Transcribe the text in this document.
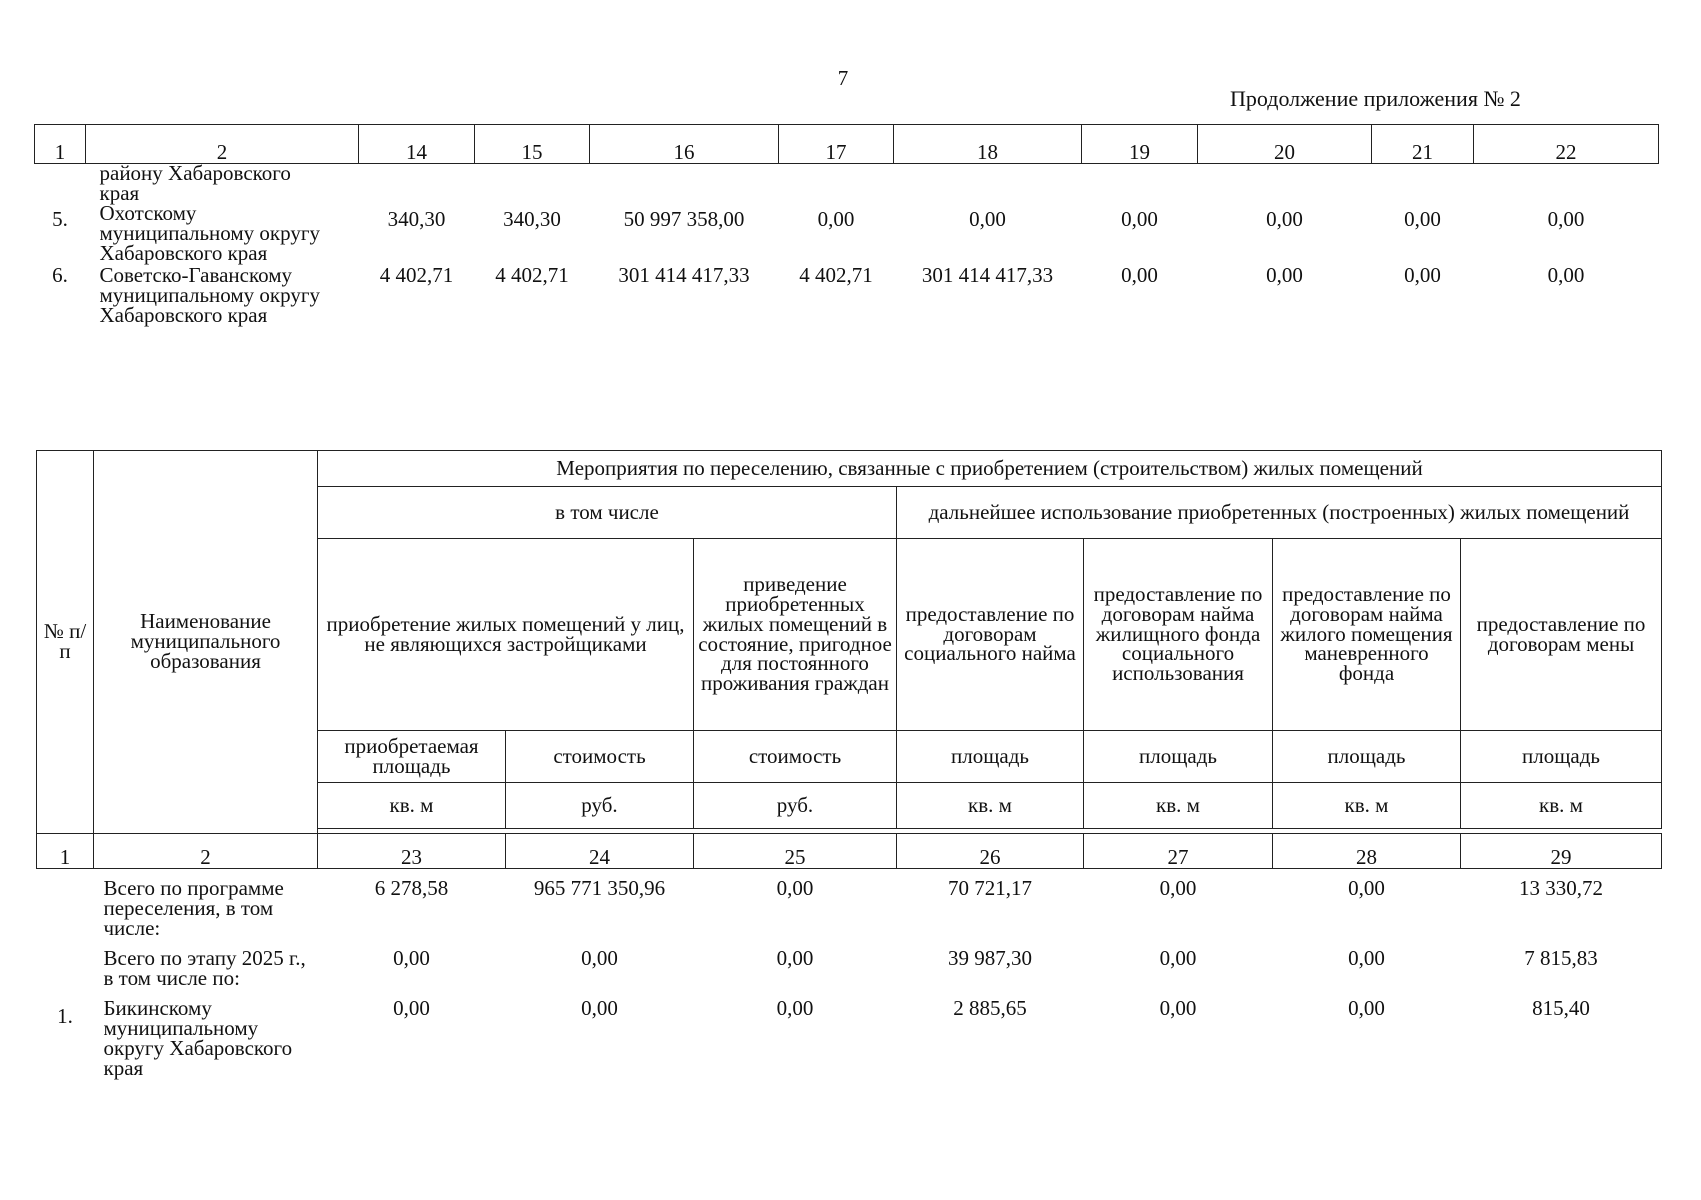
7
Продолжение приложения № 2
1	2	14	15	16	17	18	19	20	21	22

	району Хабаровского края									

5.	Охотскому муниципальному округу Хабаровского края	340,30	340,30	50 997 358,00	0,00	0,00	0,00	0,00	0,00	0,00
6.	Советско-Гаванскому муниципальному округу Хабаровского края	4 402,71	4 402,71	301 414 417,33	4 402,71	301 414 417,33	0,00	0,00	0,00	0,00
№ п/п	Наименование муниципального образования	Мероприятия по переселению, связанные с приобретением (строительством) жилых помещений						
		в том числе			дальнейшее использование приобретенных (построенных) жилых помещений			
		приобретение жилых помещений у лиц, не являющихся застройщиками		приведение приобретенных жилых помещений в состояние, пригодное для постоянного проживания граждан	предоставление по договорам социального найма	предоставление по договорам найма жилищного фонда социального использования	предоставление по договорам найма жилого помещения маневренного фонда	предоставление по договорам мены
		приобретаемая площадь	стоимость	стоимость	площадь	площадь	площадь	площадь
		кв. м	руб.	руб.	кв. м	кв. м	кв. м	кв. м

1	2	23	24	25	26	27	28	29

	Всего по программе переселения, в том числе:	6 278,58	965 771 350,96	0,00	70 721,17	0,00	0,00	13 330,72

	Всего по этапу 2025 г., в том числе по:	0,00	0,00	0,00	39 987,30	0,00	0,00	7 815,83
1.	Бикинскому муниципальному округу Хабаровского края	0,00	0,00	0,00	2 885,65	0,00	0,00	815,40
